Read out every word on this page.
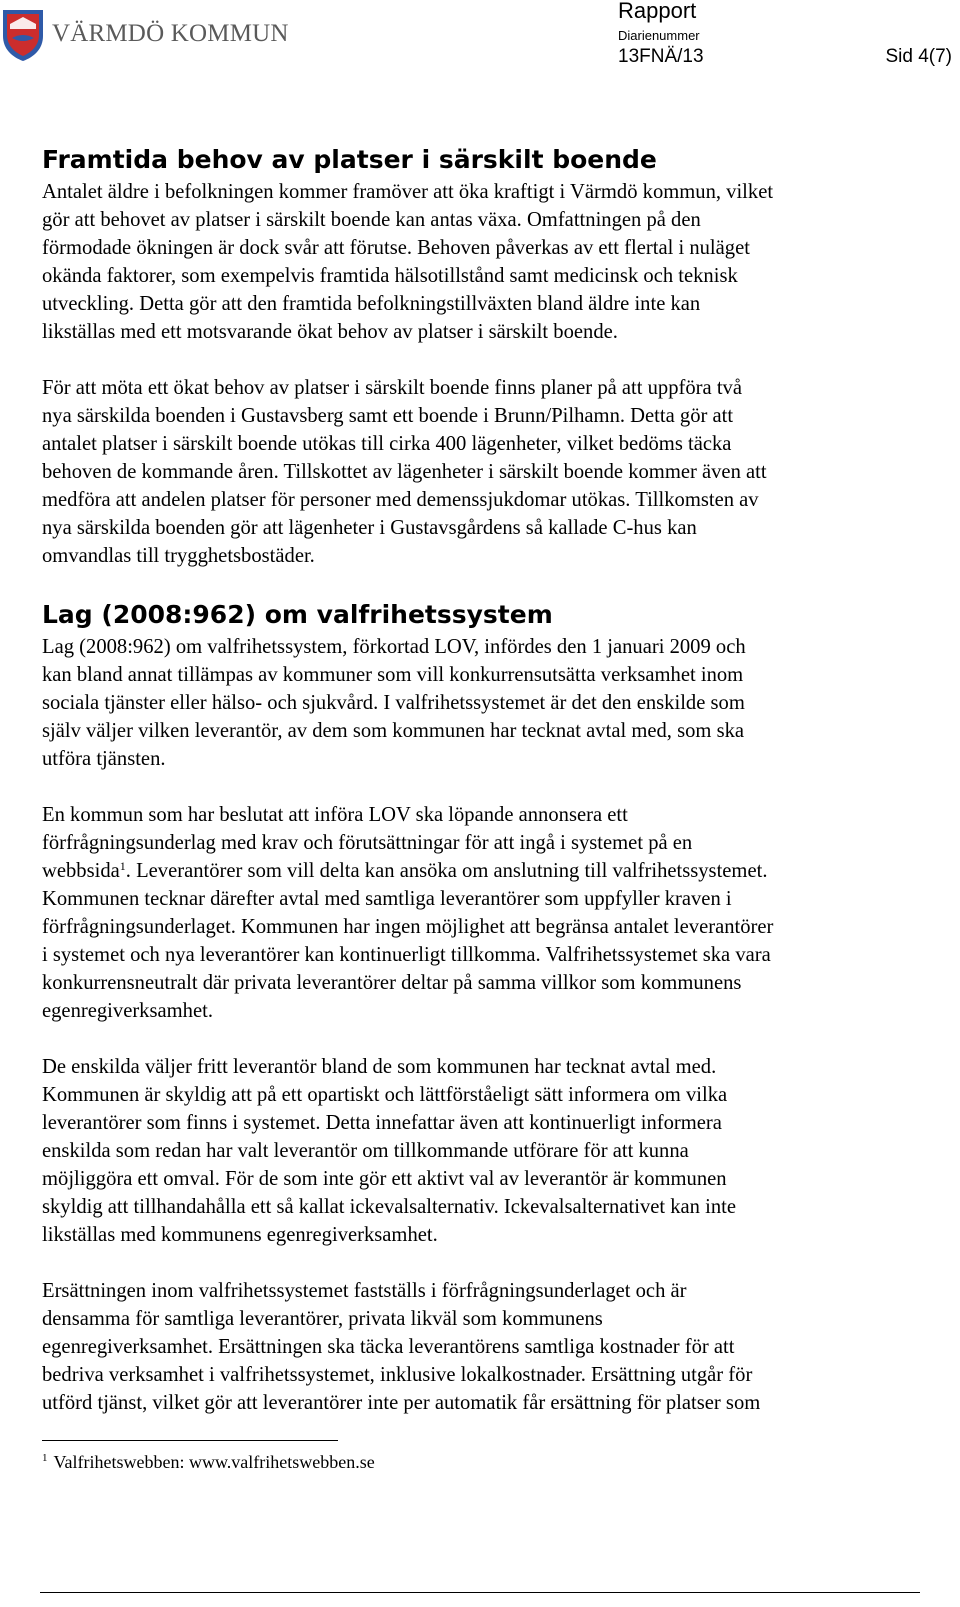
VÄRMDÖ KOMMUN
Rapport
Diarienummer
13FNÄ/13	Sid 4(7)
Framtida behov av platser i särskilt boende

Antalet äldre i befolkningen kommer framöver att öka kraftigt i Värmdö kommun, vilket
gör att behovet av platser i särskilt boende kan antas växa. Omfattningen på den
förmodade ökningen är dock svår att förutse. Behoven påverkas av ett flertal i nuläget
okända faktorer, som exempelvis framtida hälsotillstånd samt medicinsk och teknisk
utveckling. Detta gör att den framtida befolkningstillväxten bland äldre inte kan
likställas med ett motsvarande ökat behov av platser i särskilt boende.

För att möta ett ökat behov av platser i särskilt boende finns planer på att uppföra två
nya särskilda boenden i Gustavsberg samt ett boende i Brunn/Pilhamn. Detta gör att
antalet platser i särskilt boende utökas till cirka 400 lägenheter, vilket bedöms täcka
behoven de kommande åren. Tillskottet av lägenheter i särskilt boende kommer även att
medföra att andelen platser för personer med demenssjukdomar utökas. Tillkomsten av
nya särskilda boenden gör att lägenheter i Gustavsgårdens så kallade C-hus kan
omvandlas till trygghetsbostäder.

Lag (2008:962) om valfrihetssystem

Lag (2008:962) om valfrihetssystem, förkortad LOV, infördes den 1 januari 2009 och
kan bland annat tillämpas av kommuner som vill konkurrensutsätta verksamhet inom
sociala tjänster eller hälso- och sjukvård. I valfrihetssystemet är det den enskilde som
själv väljer vilken leverantör, av dem som kommunen har tecknat avtal med, som ska
utföra tjänsten.

En kommun som har beslutat att införa LOV ska löpande annonsera ett
förfrågningsunderlag med krav och förutsättningar för att ingå i systemet på en
webbsida$^1$. Leverantörer som vill delta kan ansöka om anslutning till valfrihetssystemet.
Kommunen tecknar därefter avtal med samtliga leverantörer som uppfyller kraven i
förfrågningsunderlaget. Kommunen har ingen möjlighet att begränsa antalet leverantörer
i systemet och nya leverantörer kan kontinuerligt tillkomma. Valfrihetssystemet ska vara
konkurrensneutralt där privata leverantörer deltar på samma villkor som kommunens
egenregiverksamhet.

De enskilda väljer fritt leverantör bland de som kommunen har tecknat avtal med.
Kommunen är skyldig att på ett opartiskt och lättförståeligt sätt informera om vilka
leverantörer som finns i systemet. Detta innefattar även att kontinuerligt informera
enskilda som redan har valt leverantör om tillkommande utförare för att kunna
möjliggöra ett omval. För de som inte gör ett aktivt val av leverantör är kommunen
skyldig att tillhandahålla ett så kallat ickevalsalternativ. Ickevalsalternativet kan inte
likställas med kommunens egenregiverksamhet.

Ersättningen inom valfrihetssystemet fastställs i förfrågningsunderlaget och är
densamma för samtliga leverantörer, privata likväl som kommunens
egenregiverksamhet. Ersättningen ska täcka leverantörens samtliga kostnader för att
bedriva verksamhet i valfrihetssystemet, inklusive lokalkostnader. Ersättning utgår för
utförd tjänst, vilket gör att leverantörer inte per automatik får ersättning för platser som

$^1$ Valfrihetswebben: www.valfrihetswebben.se
